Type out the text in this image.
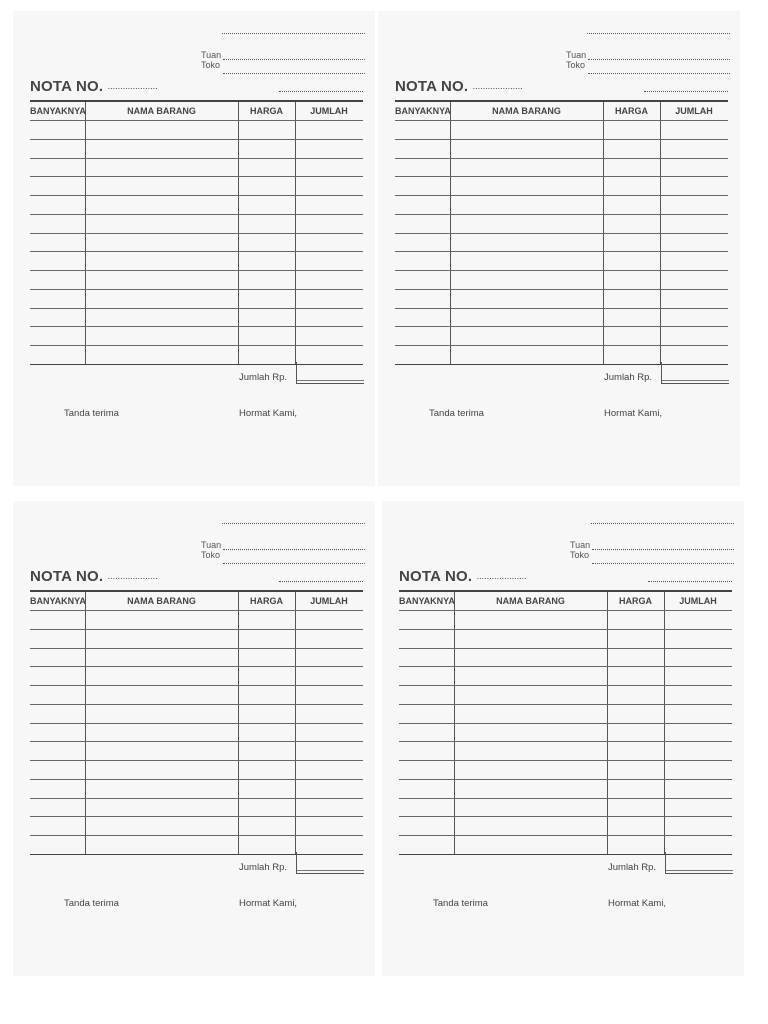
Tuan
Toko
NOTA NO. ....................
BANYAKNYA	NAMA BARANG	HARGA	JUMLAH
Jumlah Rp.
Tanda terima	Hormat Kami,
Tuan
Toko
NOTA NO. ....................
BANYAKNYA	NAMA BARANG	HARGA	JUMLAH
Jumlah Rp.
Tanda terima	Hormat Kami,
Tuan
Toko
NOTA NO. ....................
BANYAKNYA	NAMA BARANG	HARGA	JUMLAH
Jumlah Rp.
Tanda terima	Hormat Kami,
Tuan
Toko
NOTA NO. ....................
BANYAKNYA	NAMA BARANG	HARGA	JUMLAH
Jumlah Rp.
Tanda terima	Hormat Kami,
